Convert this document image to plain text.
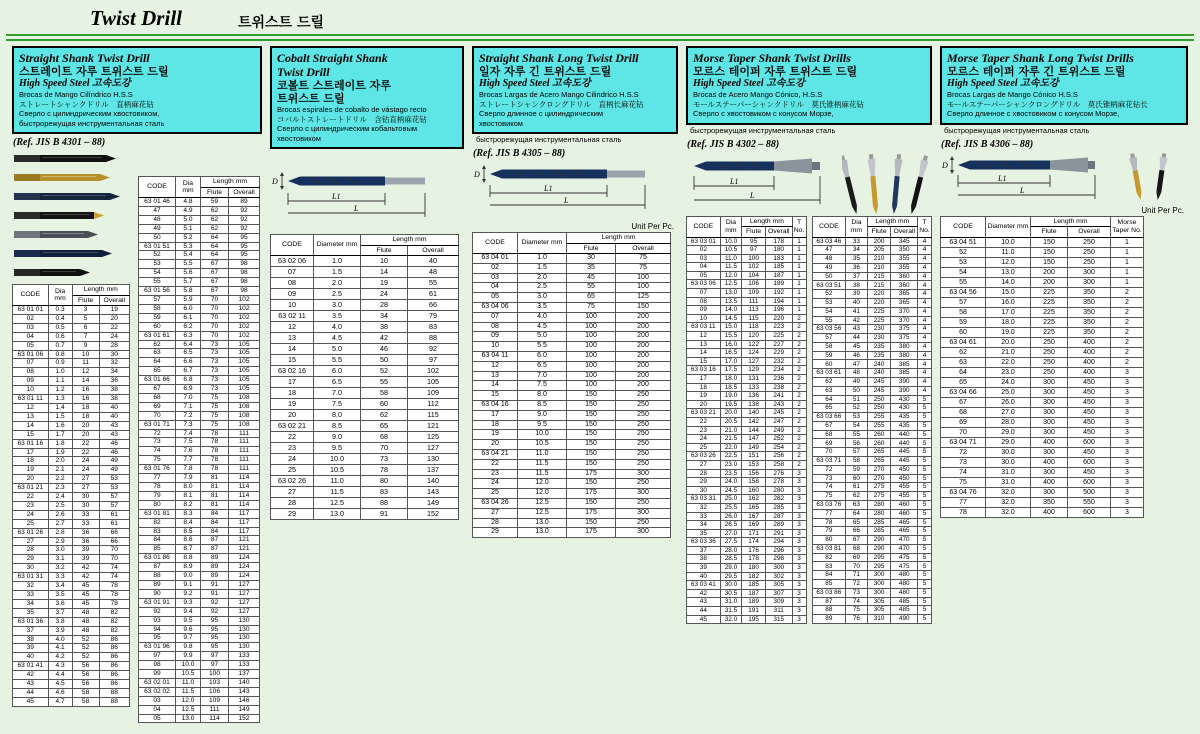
Twist Drill	트위스트 드릴
Straight Shank Twist Drill
스트레이트 자루 트위스트 드릴
High Speed Steel 고속도강
Brocas de Mango Cilíndrico H.S.S
ストレートシャンクドリル　直柄麻花钻
Сверло с цилиндрическим хвостовиком,
быстрорежущая инструментальная сталь
(Ref. JIS B 4301 – 88)
CODE	Dia mm	Length mm	
		Flute	Overall
63 01 01	0.3	3	19
02	0.4	5	20
03	0.5	6	22
04	0.6	7	24
05	0.7	9	28
63 01 06	0.8	10	30
07	0.9	11	32
08	1.0	12	34
09	1.1	14	36
10	1.2	16	38
63 01 11	1.3	16	38
12	1.4	18	40
13	1.5	18	40
14	1.6	20	43
15	1.7	20	43
63 01 16	1.8	22	46
17	1.9	22	46
18	2.0	24	49
19	2.1	24	49
20	2.2	27	53
63 01 21	2.3	27	53
22	2.4	30	57
23	2.5	30	57
24	2.6	33	61
25	2.7	33	61
63 01 26	2.8	36	66
27	2.9	36	66
28	3.0	39	70
29	3.1	39	70
30	3.2	42	74
63 01 31	3.3	42	74
32	3.4	45	78
33	3.5	45	78
34	3.6	45	78
35	3.7	48	82
63 01 36	3.8	48	82
37	3.9	48	82
38	4.0	52	86
39	4.1	52	86
40	4.2	52	86
63 01 41	4.3	56	86
42	4.4	56	86
43	4.5	56	86
44	4.6	58	88
45	4.7	58	88
CODE	Dia mm	Length mm	
		Flute	Overall
63 01 46	4.8	59	89
47	4.9	62	92
48	5.0	62	92
49	5.1	62	92
50	5.2	64	95
63 01 51	5.3	64	95
52	5.4	64	95
53	5.5	67	98
54	5.6	67	98
55	5.7	67	98
63 01 56	5.8	67	98
57	5.9	70	102
58	6.0	70	102
59	6.1	70	102
60	6.2	70	102
63 01 61	6.3	70	102
62	6.4	73	105
63	6.5	73	105
64	6.6	73	105
65	6.7	73	105
63 01 66	6.8	73	105
67	6.9	73	105
68	7.0	75	108
69	7.1	75	108
70	7.2	75	108
63 01 71	7.3	75	108
72	7.4	78	111
73	7.5	78	111
74	7.6	78	111
75	7.7	78	111
63 01 76	7.8	78	111
77	7.9	81	114
78	8.0	81	114
79	8.1	81	114
80	8.2	81	114
63 01 81	8.3	84	117
82	8.4	84	117
83	8.5	84	117
84	8.6	87	121
85	8.7	87	121
63 01 86	8.8	89	124
87	8.9	89	124
88	9.0	89	124
89	9.1	91	127
90	9.2	91	127
63 01 91	9.3	92	127
92	9.4	92	127
93	9.5	95	130
94	9.6	95	130
95	9.7	95	130
63 01 96	9.8	95	130
97	9.9	97	133
98	10.0	97	133
99	10.5	100	137
63 02 01	11.0	103	140
63 02 02	11.5	106	143
03	12.0	109	146
04	12.5	111	149
05	13.0	114	152
Cobalt Straight Shank
Twist Drill
코볼트 스트레이트 자루
트위스트 드릴
Brocas espirales de cobalto de vástago recto
コバルトストレートドリル　含钴直柄麻花钻
Сверло с цилиндрическим кобальтовым
хвостовиком
D
L1
L
CODE	Diameter mm	Length mm	
		Flute	Overall
63 02 06	1.0	10	40
07	1.5	14	48
08	2.0	19	55
09	2.5	24	61
10	3.0	28	66
63 02 11	3.5	34	79
12	4.0	38	83
13	4.5	42	88
14	5.0	46	92
15	5.5	50	97
63 02 16	6.0	52	102
17	6.5	55	105
18	7.0	58	109
19	7.5	60	112
20	8.0	62	115
63 02 21	8.5	65	121
22	9.0	68	125
23	9.5	70	127
24	10.0	73	130
25	10.5	78	137
63 02 26	11.0	80	140
27	11.5	83	143
28	12.5	88	149
29	13.0	91	152
Straight Shank Long Twist Drill
일자 자루 긴 트위스트 드릴
High Speed Steel 고속도강
Brocas Largas de Acero Mango Cilindrico H.S.S
ストレートシャンクロングドリル　直柄长麻花钻
Сверло длинное с цилиндрическим
хвостовиком
быстрорежущая инструментальная сталь
(Ref. JIS B 4305 – 88)
D
L1
L
Unit Per Pc.
CODE	Diameter mm	Length mm	
		Flute	Overall
63 04 01	1.0	30	75
02	1.5	35	75
03	2.0	45	100
04	2.5	55	100
05	3.0	65	125
63 04 06	3.5	75	150
07	4.0	100	200
08	4.5	100	200
09	5.0	100	200
10	5.5	100	200
63 04 11	6.0	100	200
12	6.5	100	200
13	7.0	100	200
14	7.5	100	200
15	8.0	150	250
63 04 16	8.5	150	250
17	9.0	150	250
18	9.5	150	250
19	10.0	150	250
20	10.5	150	250
63 04 21	11.0	150	250
22	11.5	150	250
23	11.5	175	300
24	12.0	150	250
25	12.0	175	300
63 04 26	12.5	150	250
27	12.5	175	300
28	13.0	150	250
29	13.0	175	300
Morse Taper Shank Twist Drills
모르스 테이퍼 자루 트위스트 드릴
High Speed Steel 고속도강
Brocas de Acero Mango Cónico, H.S.S
モールステーパーシャンクドリル　莫氏锥柄麻花钻
Сверло с хвостовиком с конусом Морзе,
быстрорежущая инструментальная сталь
(Ref. JIS B 4302 – 88)
L1
L
CODE	Dia mm	Length mm		T No.
		Flute	Overall	
63 03 01	10.0	95	178	1
02	10.5	97	180	1
03	11.0	100	183	1
04	11.5	102	185	1
05	12.0	104	187	1
63 03 06	12.5	106	189	1
07	13.0	109	192	1
08	13.5	111	194	1
09	14.0	113	196	1
10	14.5	115	220	2
63 03 11	15.0	118	223	2
12	15.5	120	225	2
13	16.0	122	227	2
14	16.5	124	229	2
15	17.0	127	232	2
63 03 16	17.5	129	234	2
17	18.0	131	236	2
18	18.5	133	238	2
19	19.0	136	241	2
20	19.5	138	243	2
63 03 21	20.0	140	245	2
22	20.5	142	247	2
23	21.0	144	249	2
24	21.5	147	252	2
25	22.0	149	254	2
63 03 26	22.5	151	256	2
27	23.0	153	258	2
28	23.5	156	276	3
29	24.0	158	278	3
30	24.5	160	280	3
63 03 31	25.0	162	282	3
32	25.5	165	285	3
33	26.0	167	287	3
34	26.5	169	289	3
35	27.0	171	291	3
63 03 36	27.5	174	294	3
37	28.0	176	296	3
38	28.5	178	298	3
39	29.0	180	300	3
40	29.5	182	302	3
63 03 41	30.0	185	305	3
42	30.5	187	307	3
43	31.0	189	309	3
44	31.5	191	311	3
45	32.0	195	315	3
CODE	Dia mm	Length mm		T No.
		Flute	Overall	
63 03 46	33	200	345	4
47	34	205	350	4
48	35	210	355	4
49	36	210	355	4
50	37	215	360	4
63 03 51	38	215	360	4
52	39	220	365	4
53	40	220	365	4
54	41	225	370	4
55	42	225	370	4
63 03 56	43	230	375	4
57	44	230	375	4
58	45	235	380	4
59	46	235	380	4
60	47	240	385	4
63 03 61	48	240	385	4
62	49	245	390	4
63	50	245	390	4
64	51	250	430	5
65	52	250	430	5
63 03 66	53	255	435	5
67	54	255	435	5
68	55	260	440	5
69	56	260	440	5
70	57	265	445	5
63 03 71	58	265	445	5
72	59	270	450	5
73	60	270	450	5
74	61	275	455	5
75	62	275	455	5
63 03 76	63	280	460	5
77	64	280	460	5
78	65	285	465	5
79	66	285	465	5
80	67	290	470	5
63 03 81	68	290	470	5
82	69	295	475	5
83	70	295	475	5
84	71	300	480	5
85	72	300	480	5
63 03 86	73	300	480	5
87	74	305	485	5
88	75	305	485	5
89	76	310	490	5
Morse Taper Shank Long Twist Drills
모르스 테이퍼 자루 긴 트위스트 드릴
High Speed Steel 고속도강
Brocas Largas de Mango Cónico H.S.S
モールステーパーシャンクロングドリル　莫氏锥柄麻花钻长
Сверло длинное с хвостовиком с конусом Морзе,
быстрорежущая инструментальная сталь
(Ref. JIS B 4306 – 88)
D
L1
L
Unit Per Pc.
CODE	Diameter mm	Length mm		Morse Taper No.
		Flute	Overall	
63 04 51	10.0	150	250	1
52	11.0	150	250	1
53	12.0	150	250	1
54	13.0	200	300	1
55	14.0	200	300	1
63 04 56	15.0	225	350	2
57	16.0	225	350	2
58	17.0	225	350	2
59	18.0	225	350	2
60	19.0	225	350	2
63 04 61	20.0	250	400	2
62	21.0	250	400	2
63	22.0	250	400	2
64	23.0	250	400	3
65	24.0	300	450	3
63 04 66	25.0	300	450	3
67	26.0	300	450	3
68	27.0	300	450	3
69	28.0	300	450	3
70	29.0	300	450	3
63 04 71	29.0	400	600	3
72	30.0	300	450	3
73	30.0	400	600	3
74	31.0	300	450	3
75	31.0	400	600	3
63 04 76	32.0	300	500	3
77	32.0	350	550	3
78	32.0	400	600	3
